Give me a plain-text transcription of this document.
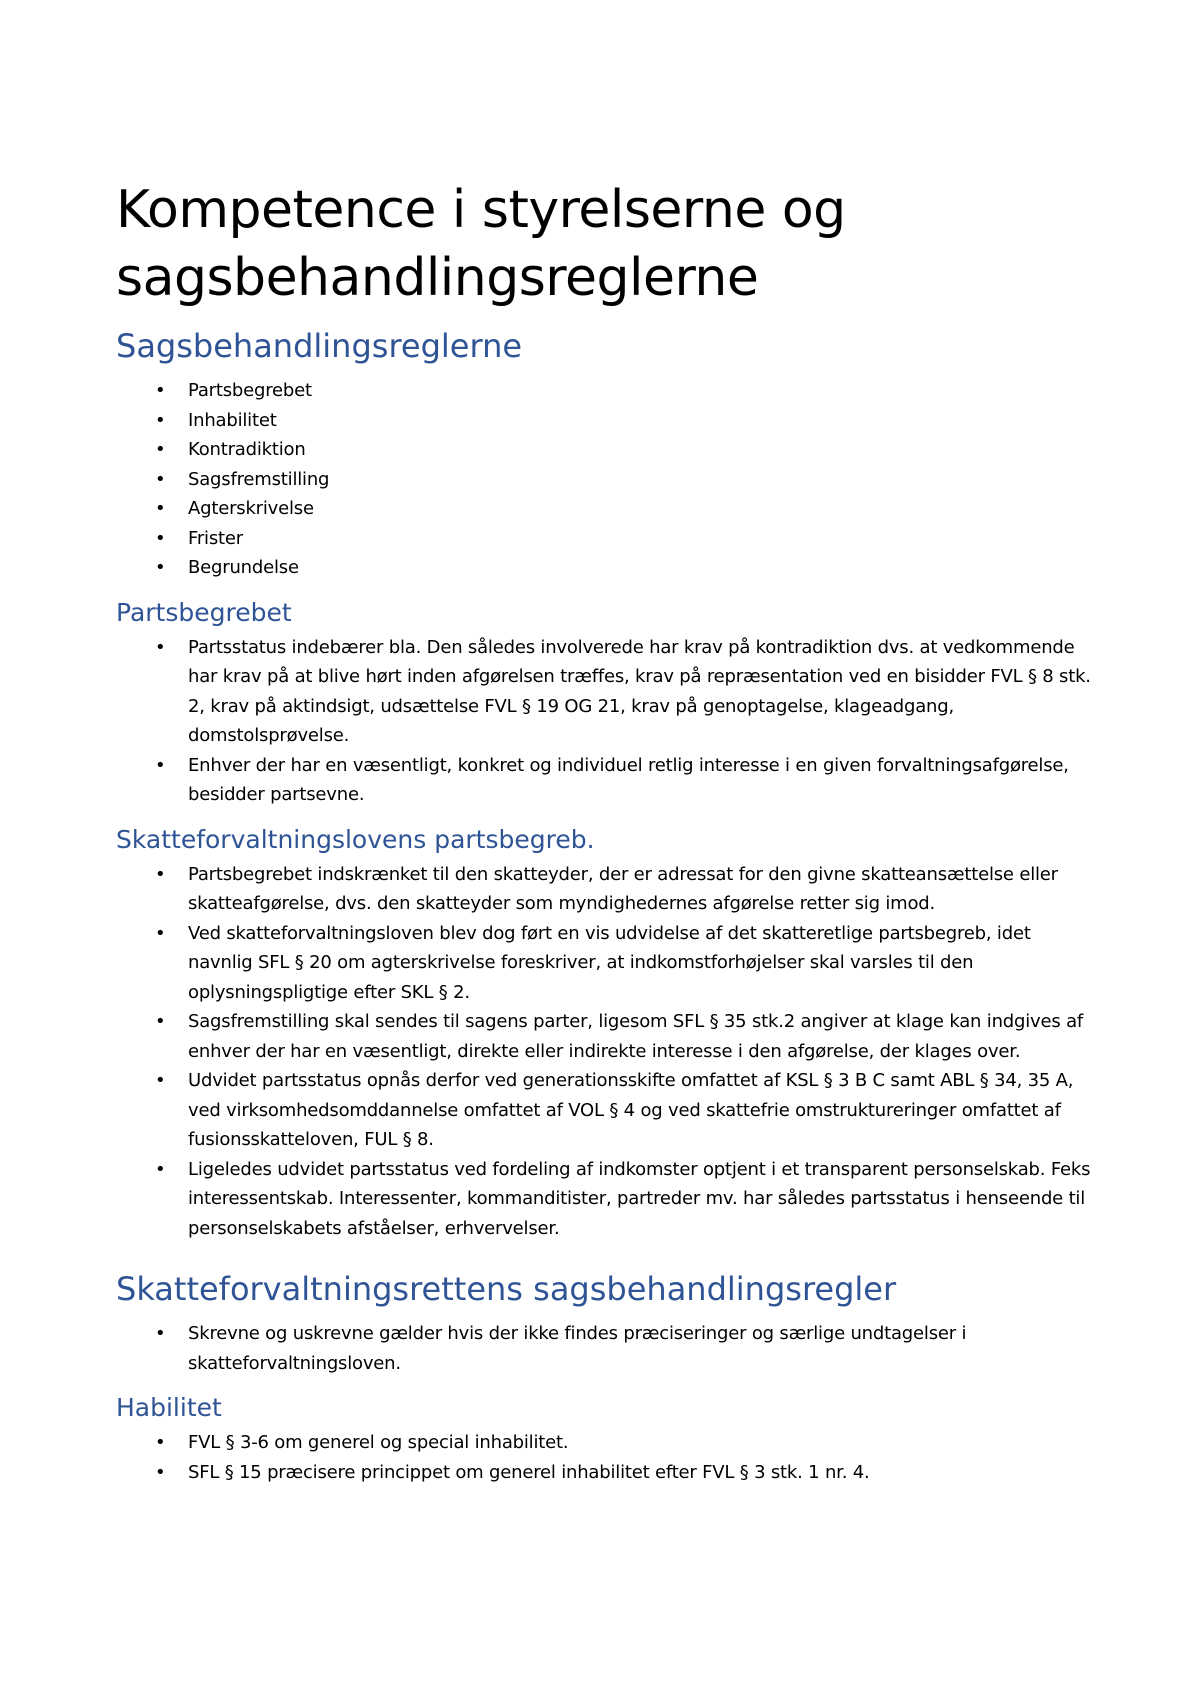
Kompetence i styrelserne og sagsbehandlingsreglerne
Sagsbehandlingsreglerne
• Partsbegrebet
• Inhabilitet
• Kontradiktion
• Sagsfremstilling
• Agterskrivelse
• Frister
• Begrundelse
Partsbegrebet
• Partsstatus indebærer bla. Den således involverede har krav på kontradiktion dvs. at vedkommende har krav på at blive hørt inden afgørelsen træffes, krav på repræsentation ved en bisidder FVL § 8 stk. 2, krav på aktindsigt, udsættelse FVL § 19 OG 21, krav på genoptagelse, klageadgang, domstolsprøvelse.
• Enhver der har en væsentligt, konkret og individuel retlig interesse i en given forvaltningsafgørelse, besidder partsevne.
Skatteforvaltningslovens partsbegreb.
• Partsbegrebet indskrænket til den skatteyder, der er adressat for den givne skatteansættelse eller skatteafgørelse, dvs. den skatteyder som myndighedernes afgørelse retter sig imod.
• Ved skatteforvaltningsloven blev dog ført en vis udvidelse af det skatteretlige partsbegreb, idet navnlig SFL § 20 om agterskrivelse foreskriver, at indkomstforhøjelser skal varsles til den oplysningspligtige efter SKL § 2.
• Sagsfremstilling skal sendes til sagens parter, ligesom SFL § 35 stk.2 angiver at klage kan indgives af enhver der har en væsentligt, direkte eller indirekte interesse i den afgørelse, der klages over.
• Udvidet partsstatus opnås derfor ved generationsskifte omfattet af KSL § 3 B C samt ABL § 34, 35 A, ved virksomhedsomddannelse omfattet af VOL § 4 og ved skattefrie omstruktureringer omfattet af fusionsskatteloven, FUL § 8.
• Ligeledes udvidet partsstatus ved fordeling af indkomster optjent i et transparent personselskab. Feks interessentskab. Interessenter, kommanditister, partreder mv. har således partsstatus i henseende til personselskabets afståelser, erhvervelser.
Skatteforvaltningsrettens sagsbehandlingsregler
• Skrevne og uskrevne gælder hvis der ikke findes præciseringer og særlige undtagelser i skatteforvaltningsloven.
Habilitet
• FVL § 3-6 om generel og special inhabilitet.
• SFL § 15 præcisere princippet om generel inhabilitet efter FVL § 3 stk. 1 nr. 4.
